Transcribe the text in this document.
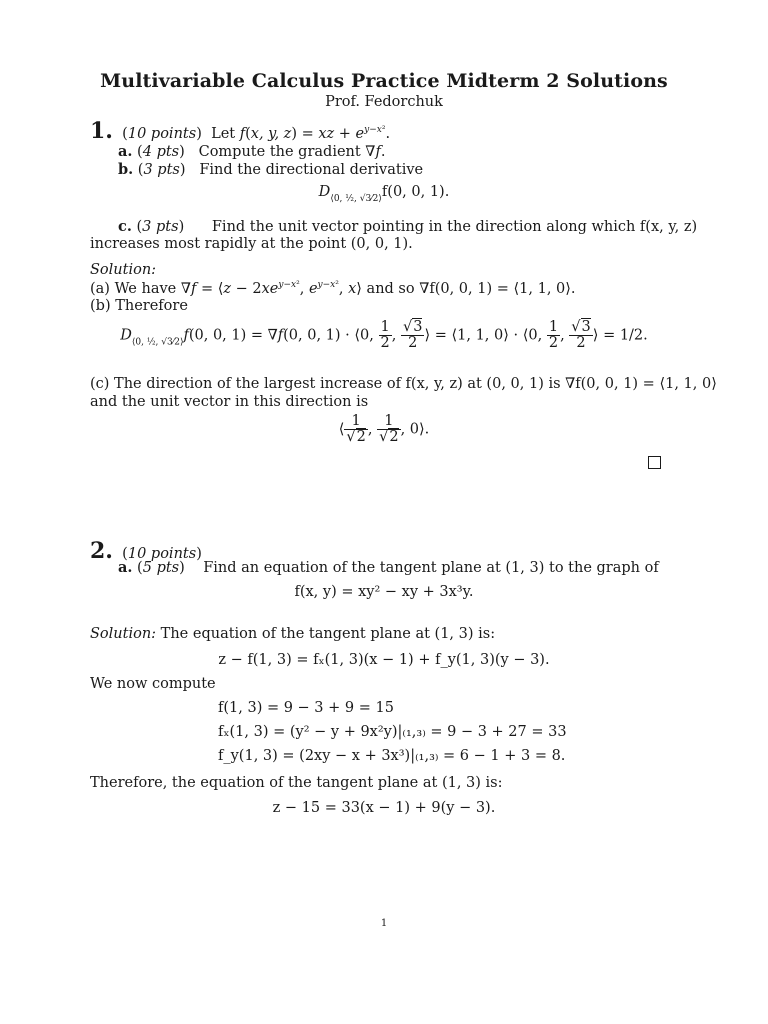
Multivariable Calculus Practice Midterm 2 Solutions
Prof. Fedorchuk
1.  (10 points)  Let f(x, y, z) = xz + $e^{y-x^2}$.
a. (4 pts)   Compute the gradient ∇f.
b. (3 pts)   Find the directional derivative
$D_{⟨0, \frac{1}{2}, √3⁄2⟩}f(0$, 0, 1).
c. (3 pts)      Find the unit vector pointing in the direction along which f(x, y, z)
increases most rapidly at the point (0, 0, 1).
Solution:
(a) We have ∇f = ⟨z − $2xe^{y-x^2}$, $e^{y-x^2}$, x⟩ and so ∇f(0, 0, 1) = ⟨1, 1, 0⟩.
(b) Therefore
$D_{⟨0, \frac{1}{2}, √3⁄2⟩}f(0$, 0, 1) = ∇f(0, 0, 1) · ⟨0, $\frac{1}{2}$ , $\frac{√3}{2}$ ⟩ = ⟨1, 1, 0⟩ · ⟨0, $\frac{1}{2}$ , $\frac{√3}{2}$ ⟩ = 1/2.
(c) The direction of the largest increase of f(x, y, z) at (0, 0, 1) is ∇f(0, 0, 1) = ⟨1, 1, 0⟩
and the unit vector in this direction is
⟨ $\frac{1}{√2}$ , $\frac{1}{√2}$ , 0⟩.
2.  (10 points)
a. (5 pts)    Find an equation of the tangent plane at (1, 3) to the graph of
f(x, y) = xy² − xy + 3x³y.
Solution: The equation of the tangent plane at (1, 3) is:
z − f(1, 3) = fₓ(1, 3)(x − 1) + f_y(1, 3)(y − 3).
We now compute
f(1, 3) = 9 − 3 + 9 = 15
fₓ(1, 3) = (y² − y + 9x²y)|₍₁,₃₎ = 9 − 3 + 27 = 33
f_y(1, 3) = (2xy − x + 3x³)|₍₁,₃₎ = 6 − 1 + 3 = 8.
Therefore, the equation of the tangent plane at (1, 3) is:
z − 15 = 33(x − 1) + 9(y − 3).
1
